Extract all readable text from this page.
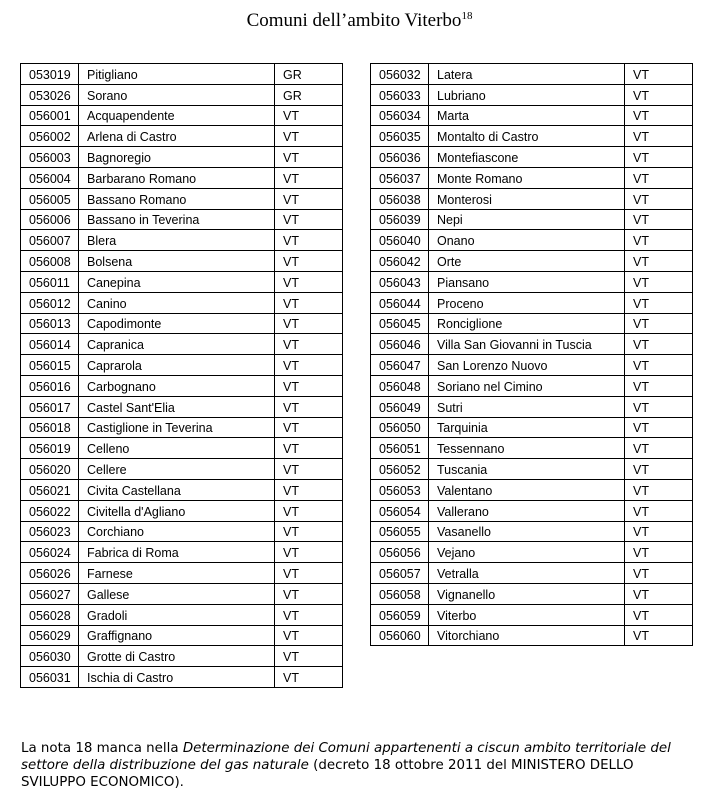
Comuni dell’ambito Viterbo$^{18}$
053019	Pitigliano	GR
053026	Sorano	GR
056001	Acquapendente	VT
056002	Arlena di Castro	VT
056003	Bagnoregio	VT
056004	Barbarano Romano	VT
056005	Bassano Romano	VT
056006	Bassano in Teverina	VT
056007	Blera	VT
056008	Bolsena	VT
056011	Canepina	VT
056012	Canino	VT
056013	Capodimonte	VT
056014	Capranica	VT
056015	Caprarola	VT
056016	Carbognano	VT
056017	Castel Sant'Elia	VT
056018	Castiglione in Teverina	VT
056019	Celleno	VT
056020	Cellere	VT
056021	Civita Castellana	VT
056022	Civitella d'Agliano	VT
056023	Corchiano	VT
056024	Fabrica di Roma	VT
056026	Farnese	VT
056027	Gallese	VT
056028	Gradoli	VT
056029	Graffignano	VT
056030	Grotte di Castro	VT
056031	Ischia di Castro	VT
056032	Latera	VT
056033	Lubriano	VT
056034	Marta	VT
056035	Montalto di Castro	VT
056036	Montefiascone	VT
056037	Monte Romano	VT
056038	Monterosi	VT
056039	Nepi	VT
056040	Onano	VT
056042	Orte	VT
056043	Piansano	VT
056044	Proceno	VT
056045	Ronciglione	VT
056046	Villa San Giovanni in Tuscia	VT
056047	San Lorenzo Nuovo	VT
056048	Soriano nel Cimino	VT
056049	Sutri	VT
056050	Tarquinia	VT
056051	Tessennano	VT
056052	Tuscania	VT
056053	Valentano	VT
056054	Vallerano	VT
056055	Vasanello	VT
056056	Vejano	VT
056057	Vetralla	VT
056058	Vignanello	VT
056059	Viterbo	VT
056060	Vitorchiano	VT
La nota 18 manca nella Determinazione dei Comuni appartenenti a ciscun ambito territoriale del settore della distribuzione del gas naturale (decreto 18 ottobre 2011 del MINISTERO DELLO SVILUPPO ECONOMICO).
